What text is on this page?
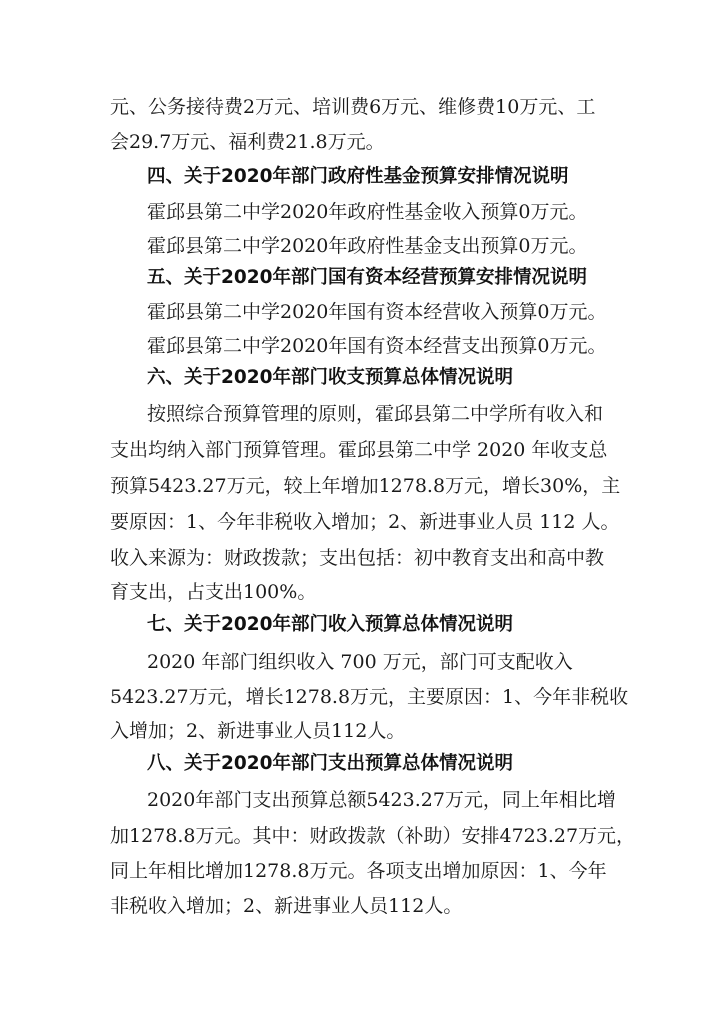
元、公务接待费2万元、培训费6万元、维修费10万元、工
会29.7万元、福利费21.8万元。
四、关于2020年部门政府性基金预算安排情况说明
霍邱县第二中学2020年政府性基金收入预算0万元。
霍邱县第二中学2020年政府性基金支出预算0万元。
五、关于2020年部门国有资本经营预算安排情况说明
霍邱县第二中学2020年国有资本经营收入预算0万元。
霍邱县第二中学2020年国有资本经营支出预算0万元。
六、关于2020年部门收支预算总体情况说明
按照综合预算管理的原则，霍邱县第二中学所有收入和
支出均纳入部门预算管理。霍邱县第二中学 2020 年收支总
预算5423.27万元，较上年增加1278.8万元，增长30%，主
要原因：1、今年非税收入增加；2、新进事业人员 112 人。
收入来源为：财政拨款；支出包括：初中教育支出和高中教
育支出，占支出100%。
七、关于2020年部门收入预算总体情况说明
2020 年部门组织收入 700 万元，部门可支配收入
5423.27万元，增长1278.8万元，主要原因：1、今年非税收
入增加；2、新进事业人员112人。
八、关于2020年部门支出预算总体情况说明
2020年部门支出预算总额5423.27万元，同上年相比增
加1278.8万元。其中：财政拨款（补助）安排4723.27万元，
同上年相比增加1278.8万元。各项支出增加原因：1、今年
非税收入增加；2、新进事业人员112人。
